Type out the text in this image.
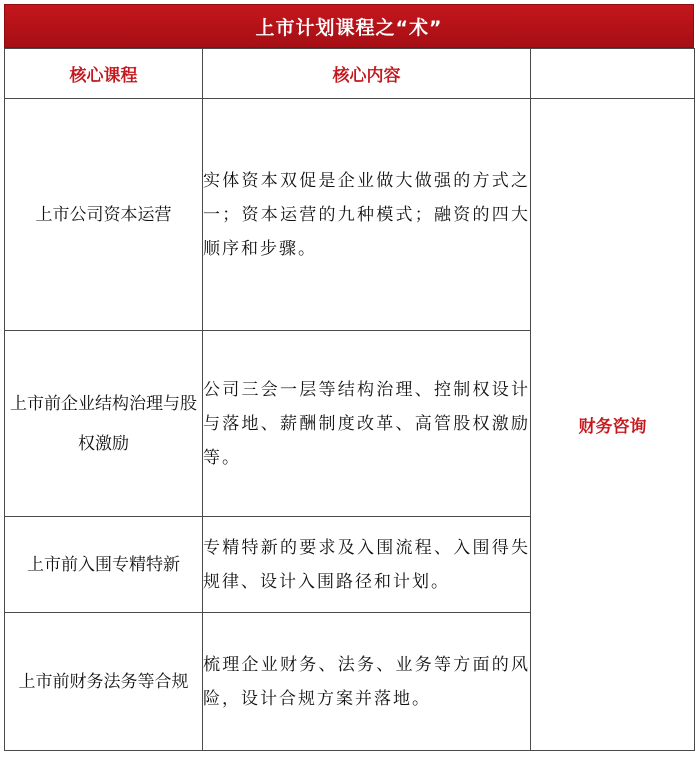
上市计划课程之“术”
核心课程	核心内容	
上市公司资本运营	实体资本双促是企业做大做强的方式之一；资本运营的九种模式；融资的四大顺序和步骤。	财务咨询
上市前企业结构治理与股权激励	公司三会一层等结构治理、控制权设计与落地、薪酬制度改革、高管股权激励等。	
上市前入围专精特新	专精特新的要求及入围流程、入围得失规律、设计入围路径和计划。	
上市前财务法务等合规	梳理企业财务、法务、业务等方面的风险，设计合规方案并落地。	
